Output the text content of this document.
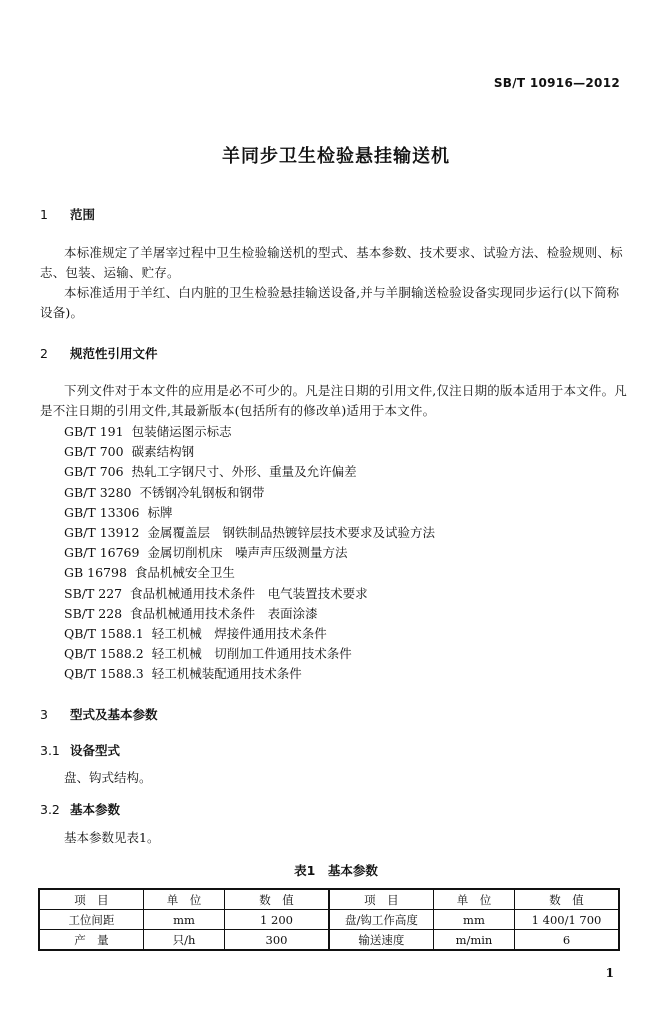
SB/T 10916—2012
羊同步卫生检验悬挂输送机
1 范围
本标准规定了羊屠宰过程中卫生检验输送机的型式、基本参数、技术要求、试验方法、检验规则、标志、包装、运输、贮存。
本标准适用于羊红、白内脏的卫生检验悬挂输送设备,并与羊胴输送检验设备实现同步运行(以下简称设备)。
2 规范性引用文件
下列文件对于本文件的应用是必不可少的。凡是注日期的引用文件,仅注日期的版本适用于本文件。凡是不注日期的引用文件,其最新版本(包括所有的修改单)适用于本文件。
GB/T 191 包装储运图示标志
GB/T 700 碳素结构钢
GB/T 706 热轧工字钢尺寸、外形、重量及允许偏差
GB/T 3280 不锈钢冷轧钢板和钢带
GB/T 13306 标牌
GB/T 13912 金属覆盖层　钢铁制品热镀锌层技术要求及试验方法
GB/T 16769 金属切削机床　噪声声压级测量方法
GB 16798 食品机械安全卫生
SB/T 227 食品机械通用技术条件　电气装置技术要求
SB/T 228 食品机械通用技术条件　表面涂漆
QB/T 1588.1 轻工机械　焊接件通用技术条件
QB/T 1588.2 轻工机械　切削加工件通用技术条件
QB/T 1588.3 轻工机械装配通用技术条件
3 型式及基本参数
3.1 设备型式
盘、钩式结构。
3.2 基本参数
基本参数见表1。
表1　基本参数
项　目	单　位	数　值	项　目	单　位	数　值
工位间距	mm	1 200	盘/钩工作高度	mm	1 400/1 700
产　量	只/h	300	输送速度	m/min	6
1
